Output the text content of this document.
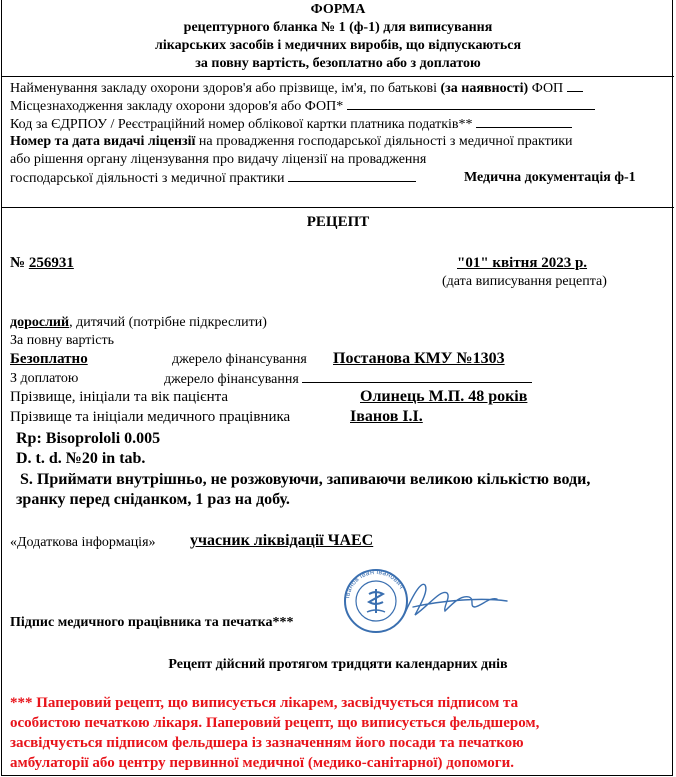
ФОРМА
рецептурного бланка № 1 (ф-1) для виписування
лікарських засобів і медичних виробів, що відпускаються
за повну вартість, безоплатно або з доплатою
Найменування закладу охорони здоров'я або прізвище, ім'я, по батькові (за наявності) ФОП
Місцезнаходження закладу охорони здоров'я або ФОП*
Код за ЄДРПОУ / Реєстраційний номер облікової картки платника податків**
Номер та дата видачі ліцензії на провадження господарської діяльності з медичної практики
або рішення органу ліцензування про видачу ліцензії на провадження
господарської діяльності з медичної практики	Медична документація ф-1
РЕЦЕПТ
№ 256931	"01" квітня 2023 р.
(дата виписування рецепта)
дорослий, дитячий (потрібне підкреслити)
За повну вартість
Безоплатно	джерело фінансування Постанова КМУ №1303
З доплатою	джерело фінансування
Прізвище, ініціали та вік пацієнта	Олинець М.П. 48 років
Прізвище та ініціали медичного працівника	Іванов І.І.
Rp: Bisoprololi 0.005
D. t. d. №20 in tab.
S. Приймати внутрішньо, не розжовуючи, запиваючи великою кількістю води,
зранку перед сніданком, 1 раз на добу.
«Додаткова інформація» учасник ліквідації ЧАЕС
Іванов Іван Іванович
Підпис медичного працівника та печатка***
Рецепт дійсний протягом тридцяти календарних днів
*** Паперовий рецепт, що виписується лікарем, засвідчується підписом та
особистою печаткою лікаря. Паперовий рецепт, що виписується фельдшером,
засвідчується підписом фельдшера із зазначенням його посади та печаткою
амбулаторії або центру первинної медичної (медико-санітарної) допомоги.
